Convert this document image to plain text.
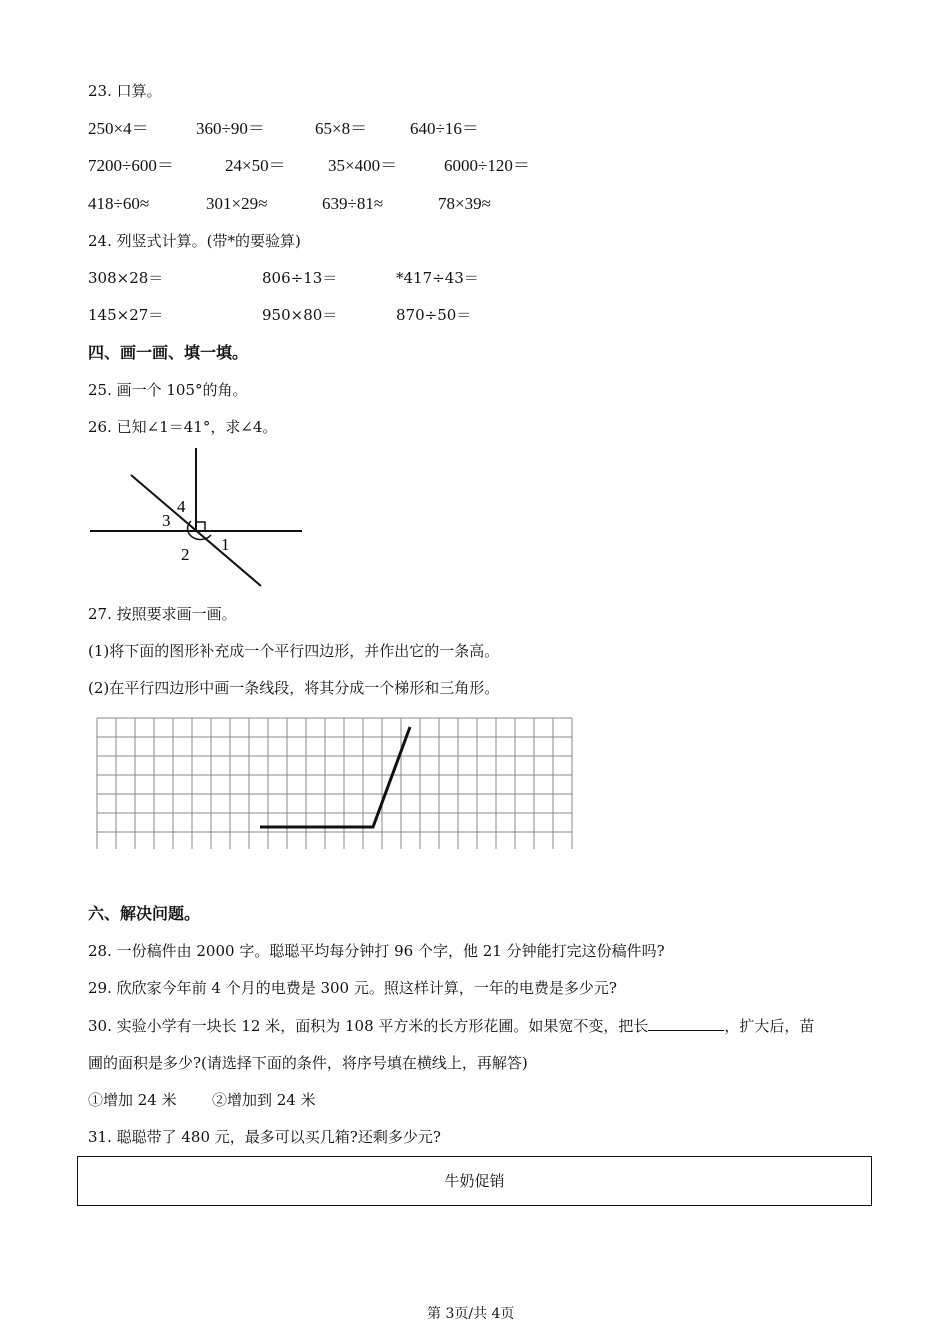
23. 口算。
250×4＝	360÷90＝	65×8＝	640÷16＝
7200÷600＝	24×50＝ 35×400＝	6000÷120＝
418÷60≈	301×29≈	639÷81≈	78×39≈
24. 列竖式计算。(带*的要验算)
308×28＝	806÷13＝	*417÷43＝
145×27＝	950×80＝	870÷50＝
四、画一画、填一填。
25. 画一个 105°的角。
26. 已知∠1＝41°，求∠4。
4
3
2
1
27. 按照要求画一画。
(1)将下面的图形补充成一个平行四边形，并作出它的一条高。
(2)在平行四边形中画一条线段，将其分成一个梯形和三角形。
六、解决问题。
28. 一份稿件由 2000 字。聪聪平均每分钟打 96 个字，他 21 分钟能打完这份稿件吗?
29. 欣欣家今年前 4 个月的电费是 300 元。照这样计算，一年的电费是多少元?
30. 实验小学有一块长 12 米，面积为 108 平方米的长方形花圃。如果宽不变，把长	，扩大后，苗
圃的面积是多少?(请选择下面的条件，将序号填在横线上，再解答)
①增加 24 米 ②增加到 24 米
31. 聪聪带了 480 元，最多可以买几箱?还剩多少元?
牛奶促销
第 3页/共 4页
